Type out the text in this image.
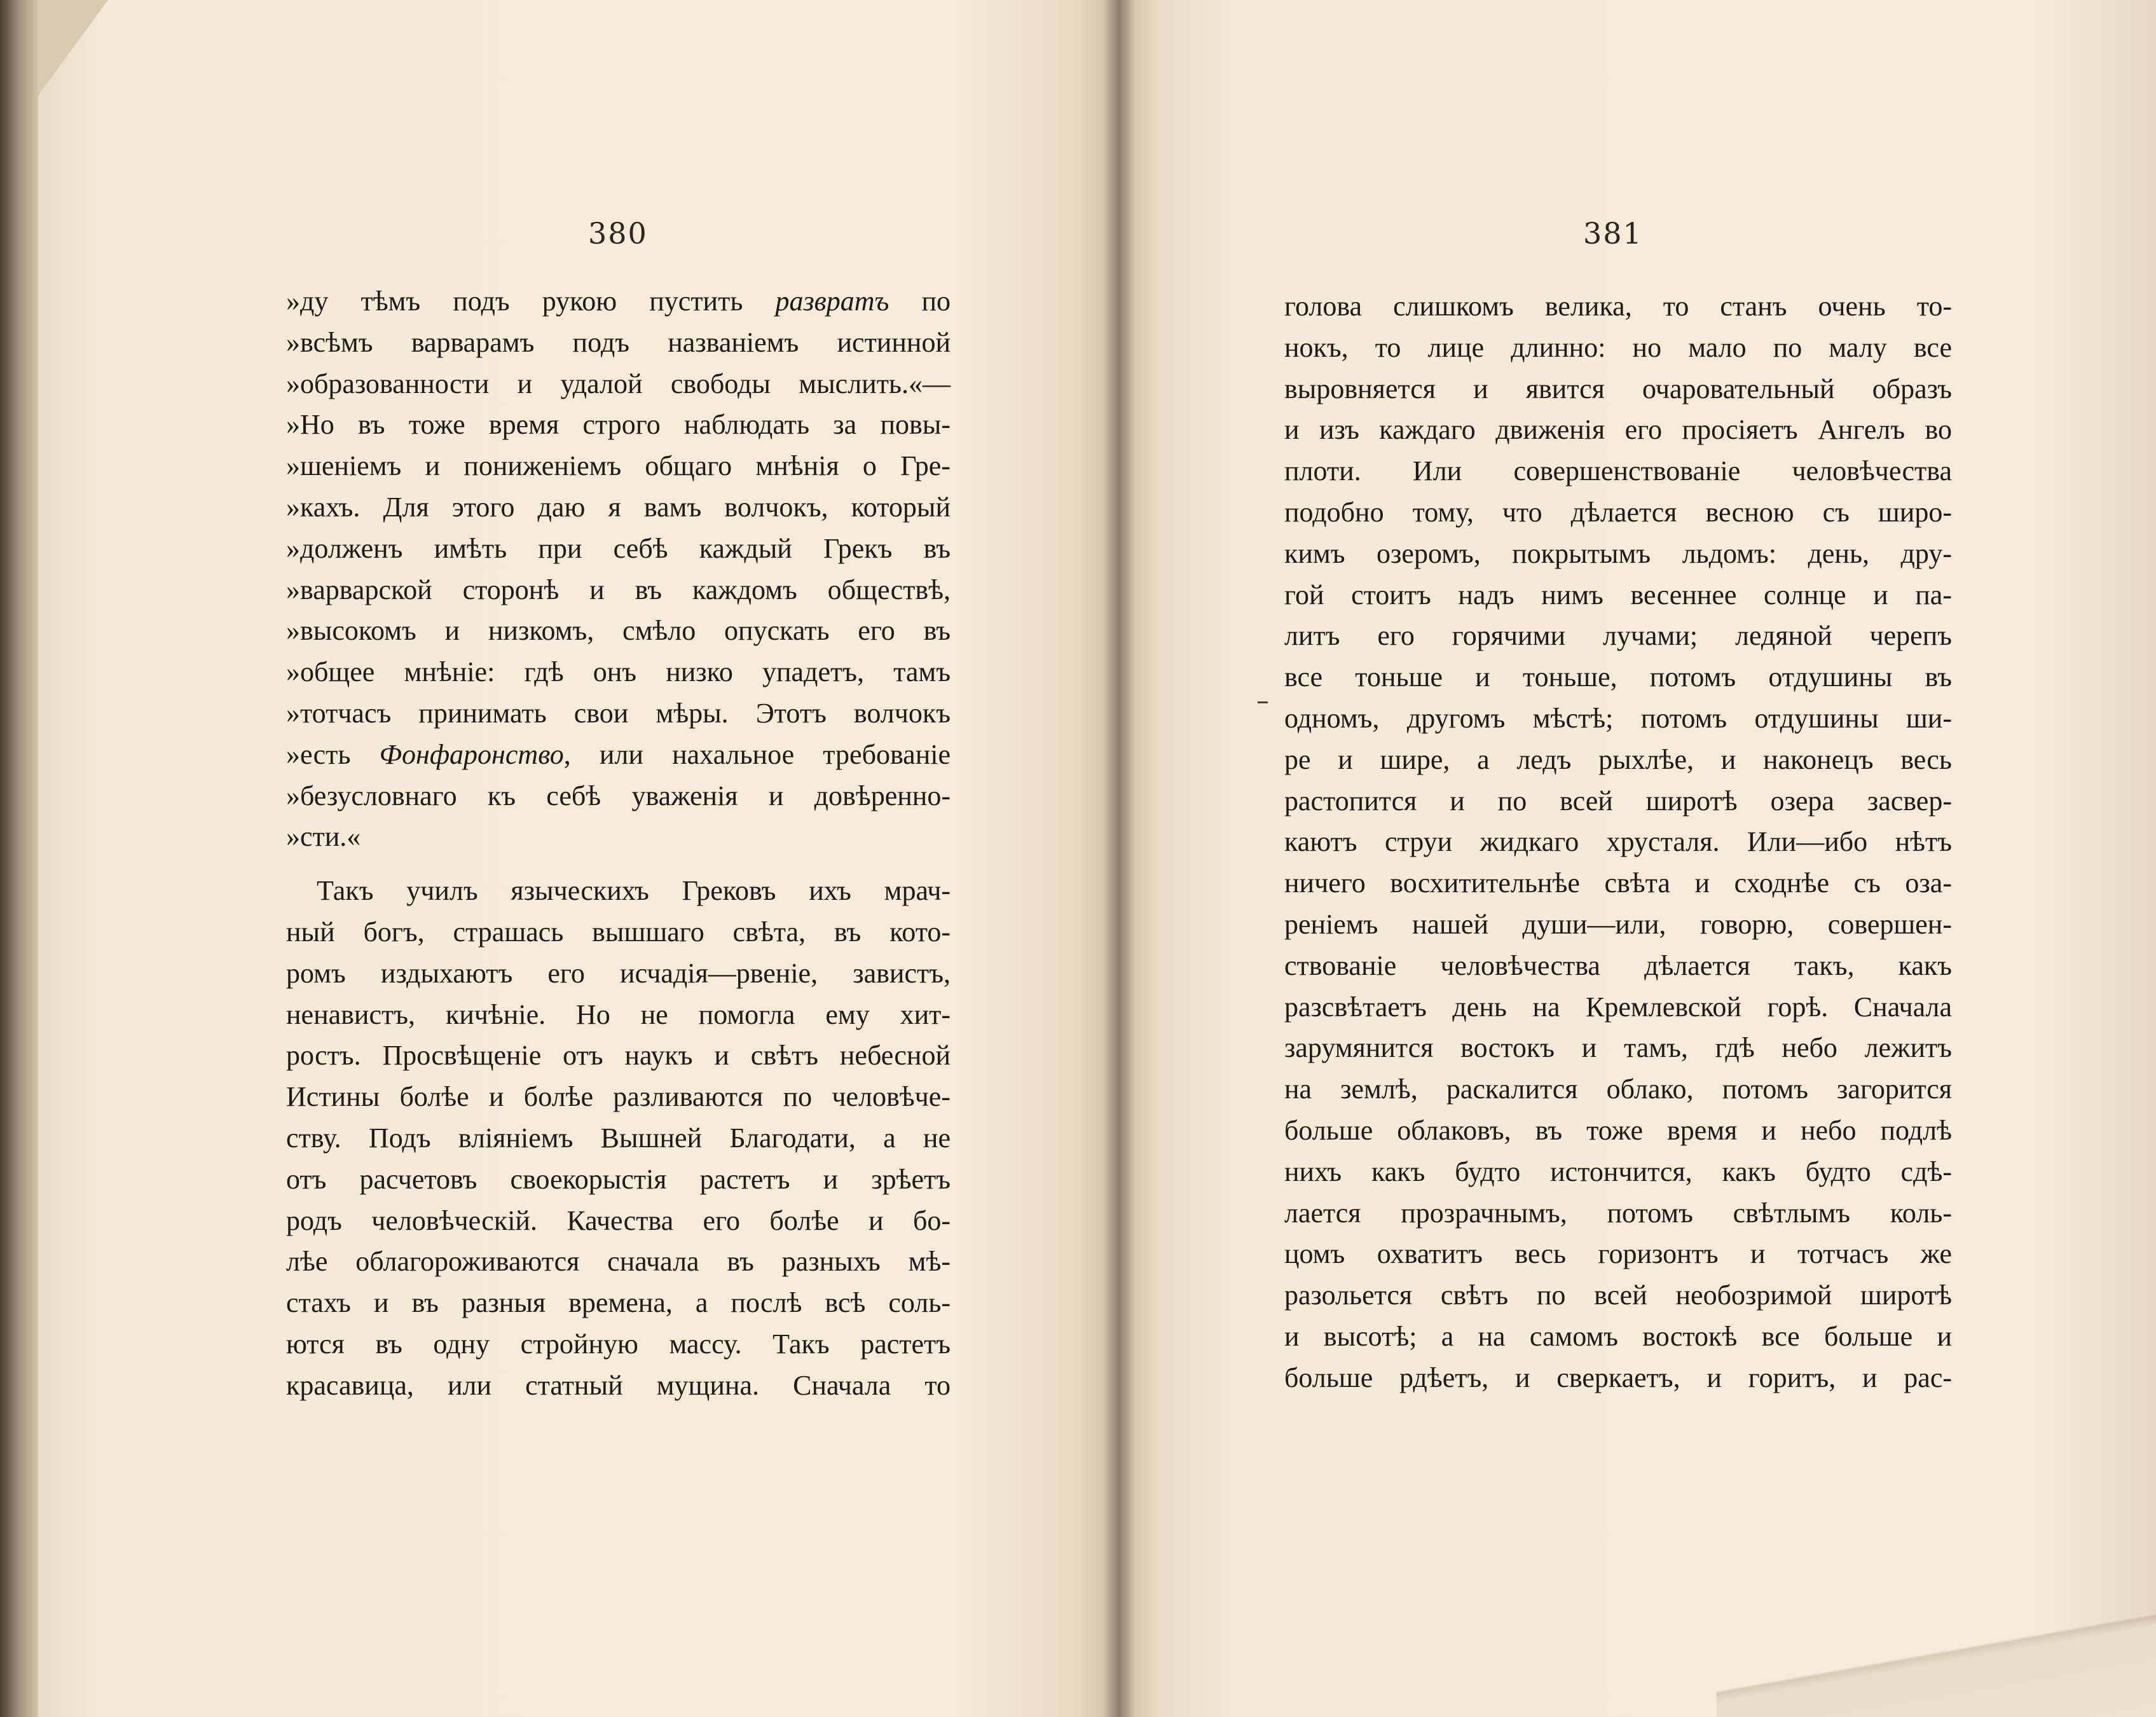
380	381
»ду тѣмъ подъ рукою пустить развратъ по
»всѣмъ варварамъ подъ названіемъ истинной
»образованности и удалой свободы мыслить.«—
»Но въ тоже время строго наблюдать за повы-
»шеніемъ и пониженіемъ общаго мнѣнія о Гре-
»кахъ. Для этого даю я вамъ волчокъ, который
»долженъ имѣть при себѣ каждый Грекъ въ
»варварской сторонѣ и въ каждомъ обществѣ,
»высокомъ и низкомъ, смѣло опускать его въ
»общее мнѣніе: гдѣ онъ низко упадетъ, тамъ
»тотчасъ принимать свои мѣры. Этотъ волчокъ
»есть Фонфаронство, или нахальное требованіе
»безусловнаго къ себѣ уваженія и довѣренно-
»сти.«
Такъ училъ языческихъ Грековъ ихъ мрач-
ный богъ, страшась вышшаго свѣта, въ кото-
ромъ издыхаютъ его исчадія—рвеніе, завистъ,
ненавистъ, кичѣніе. Но не помогла ему хит-
ростъ. Просвѣщеніе отъ наукъ и свѣтъ небесной
Истины болѣе и болѣе разливаются по человѣче-
ству. Подъ вліяніемъ Вышней Благодати, а не
отъ расчетовъ своекорыстія растетъ и зрѣетъ
родъ человѣческій. Качества его болѣе и бо-
лѣе облагороживаются сначала въ разныхъ мѣ-
стахъ и въ разныя времена, а послѣ всѣ соль-
ются въ одну стройную массу. Такъ растетъ
красавица, или статный мущина. Сначала то
голова слишкомъ велика, то станъ очень то-
нокъ, то лице длинно: но мало по малу все
выровняется и явится очаровательный образъ
и изъ каждаго движенія его просіяетъ Ангелъ во
плоти. Или совершенствованіе человѣчества
подобно тому, что дѣлается весною съ широ-
кимъ озеромъ, покрытымъ льдомъ: день, дру-
гой стоитъ надъ нимъ весеннее солнце и па-
литъ его горячими лучами; ледяной черепъ
все тоньше и тоньше, потомъ отдушины въ
одномъ, другомъ мѣстѣ; потомъ отдушины ши-
ре и шире, а ледъ рыхлѣе, и наконецъ весь
растопится и по всей широтѣ озера засвер-
каютъ струи жидкаго хрусталя. Или—ибо нѣтъ
ничего восхитительнѣе свѣта и сходнѣе съ оза-
реніемъ нашей души—или, говорю, совершен-
ствованіе человѣчества дѣлается такъ, какъ
разсвѣтаетъ день на Кремлевской горѣ. Сначала
зарумянится востокъ и тамъ, гдѣ небо лежитъ
на землѣ, раскалится облако, потомъ загорится
больше облаковъ, въ тоже время и небо подлѣ
нихъ какъ будто истончится, какъ будто сдѣ-
лается прозрачнымъ, потомъ свѣтлымъ коль-
цомъ охватитъ весь горизонтъ и тотчасъ же
разольется свѣтъ по всей необозримой широтѣ
и высотѣ; а на самомъ востокѣ все больше и
больше рдѣетъ, и сверкаетъ, и горитъ, и рас-
